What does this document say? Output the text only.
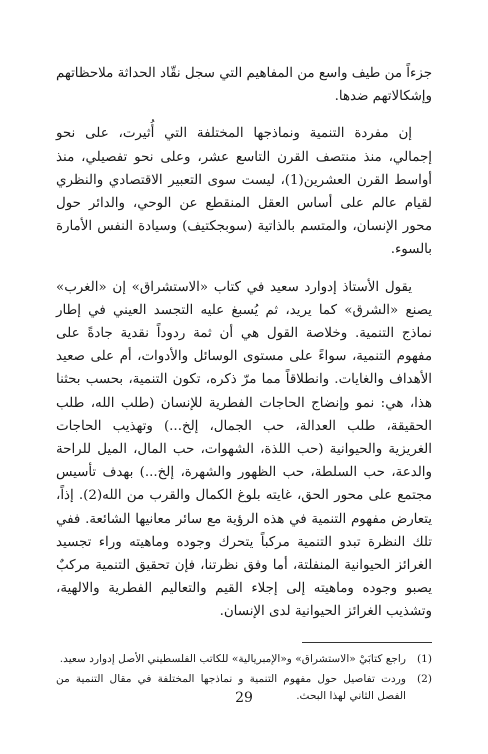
جزءاً من طيف واسع من المفاهيم التي سجل نقّاد الحداثة ملاحظاتهم وإشكالاتهم ضدها.

إن مفردة التنمية ونماذجها المختلفة التي أُثيرت، على نحو إجمالي، منذ منتصف القرن التاسع عشر، وعلى نحو تفصيلي، منذ أواسط القرن العشرين(1)، ليست سوى التعبير الاقتصادي والنظري لقيام عالم على أساس العقل المنقطع عن الوحي، والدائر حول محور الإنسان، والمتسم بالذاتية (سوبجكتيف) وسيادة النفس الأمارة بالسوء.

يقول الأستاذ إدوارد سعيد في كتاب «الاستشراق» إن «الغرب» يصنع «الشرق» كما يريد، ثم يُسبغ عليه التجسد العيني في إطار نماذج التنمية. وخلاصة القول هي أن ثمة ردوداً نقدية جادةً على مفهوم التنمية، سواءً على مستوى الوسائل والأدوات، أم على صعيد الأهداف والغايات. وانطلاقاً مما مرّ ذكره، تكون التنمية، بحسب بحثنا هذا، هي: نمو وإنضاج الحاجات الفطرية للإنسان (طلب الله، طلب الحقيقة، طلب العدالة، حب الجمال، إلخ...) وتهذيب الحاجات الغريزية والحيوانية (حب اللذة، الشهوات، حب المال، الميل للراحة والدعة، حب السلطة، حب الظهور والشهرة، إلخ...) بهدف تأسيس مجتمع على محور الحق، غايته بلوغ الكمال والقرب من الله(2). إذاً، يتعارض مفهوم التنمية في هذه الرؤية مع سائر معانيها الشائعة. ففي تلك النظرة تبدو التنمية مركباً يتحرك وجوده وماهيته وراء تجسيد الغرائز الحيوانية المنفلتة، أما وفق نظرتنا، فإن تحقيق التنمية مركبٌ يصبو وجوده وماهيته إلى إجلاء القيم والتعاليم الفطرية والالهية، وتشذيب الغرائز الحيوانية لدى الإنسان.

(1)
راجع كتابَيْ «الاستشراق» و«الإمبريالية» للكاتب الفلسطيني الأصل إدوارد سعيد.
(2)
وردت تفاصيل حول مفهوم التنمية و نماذجها المختلفة في مقال التنمية من الفصل الثاني لهذا البحث.
29
